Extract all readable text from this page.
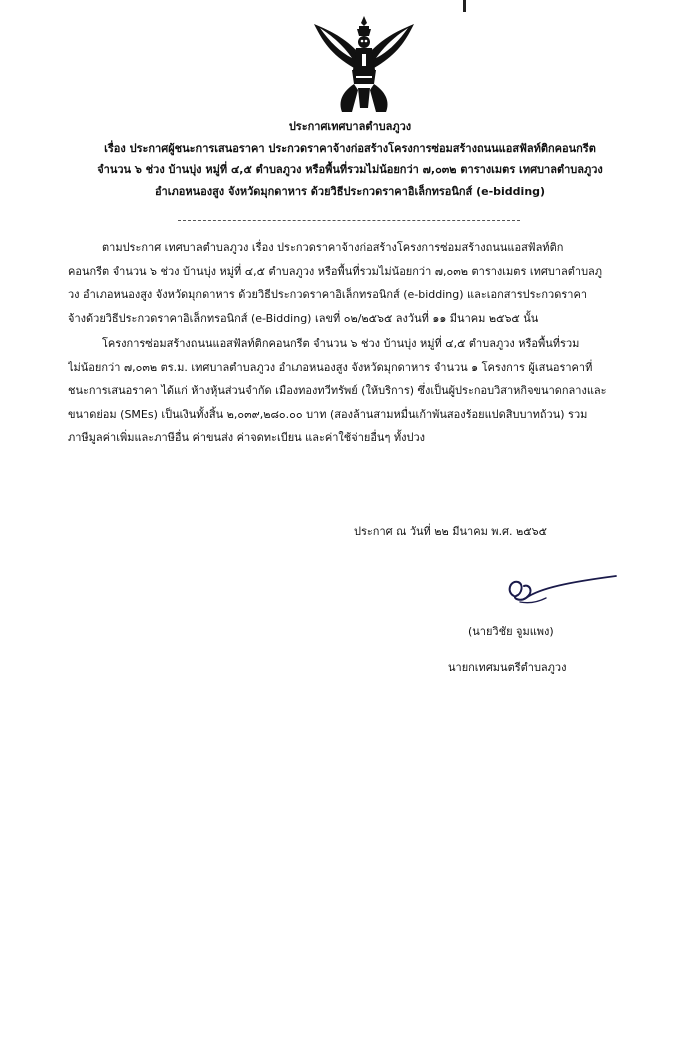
ประกาศเทศบาลตำบลภูวง
เรื่อง ประกาศผู้ชนะการเสนอราคา ประกวดราคาจ้างก่อสร้างโครงการซ่อมสร้างถนนแอสฟัลท์ติกคอนกรีต
จำนวน ๖ ช่วง บ้านบุ่ง หมู่ที่ ๔,๕ ตำบลภูวง หรือพื้นที่รวมไม่น้อยกว่า ๗,๐๓๒ ตารางเมตร เทศบาลตำบลภูวง
อำเภอหนองสูง จังหวัดมุกดาหาร ด้วยวิธีประกวดราคาอิเล็กทรอนิกส์ (e-bidding)
ตามประกาศ เทศบาลตำบลภูวง เรื่อง ประกวดราคาจ้างก่อสร้างโครงการซ่อมสร้างถนนแอสฟัลท์ติก
คอนกรีต จำนวน ๖ ช่วง บ้านบุ่ง หมู่ที่ ๔,๕ ตำบลภูวง หรือพื้นที่รวมไม่น้อยกว่า ๗,๐๓๒ ตารางเมตร เทศบาลตำบลภู
วง อำเภอหนองสูง จังหวัดมุกดาหาร ด้วยวิธีประกวดราคาอิเล็กทรอนิกส์ (e-bidding) และเอกสารประกวดราคา
จ้างด้วยวิธีประกวดราคาอิเล็กทรอนิกส์ (e-Bidding) เลขที่ ๐๒/๒๕๖๕ ลงวันที่ ๑๑ มีนาคม ๒๕๖๕ นั้น
โครงการซ่อมสร้างถนนแอสฟัลท์ติกคอนกรีต จำนวน ๖ ช่วง บ้านบุ่ง หมู่ที่ ๔,๕ ตำบลภูวง หรือพื้นที่รวม
ไม่น้อยกว่า ๗,๐๓๒ ตร.ม. เทศบาลตำบลภูวง อำเภอหนองสูง จังหวัดมุกดาหาร จำนวน ๑ โครงการ ผู้เสนอราคาที่
ชนะการเสนอราคา ได้แก่ ห้างหุ้นส่วนจำกัด เมืองทองทวีทรัพย์ (ให้บริการ) ซึ่งเป็นผู้ประกอบวิสาหกิจขนาดกลางและ
ขนาดย่อม (SMEs) เป็นเงินทั้งสิ้น ๒,๐๓๙,๒๘๐.๐๐ บาท (สองล้านสามหมื่นเก้าพันสองร้อยแปดสิบบาทถ้วน) รวม
ภาษีมูลค่าเพิ่มและภาษีอื่น ค่าขนส่ง ค่าจดทะเบียน และค่าใช้จ่ายอื่นๆ ทั้งปวง
ประกาศ ณ วันที่ ๒๒ มีนาคม พ.ศ. ๒๕๖๕
(นายวิชัย จูมแพง)
นายกเทศมนตรีตำบลภูวง
